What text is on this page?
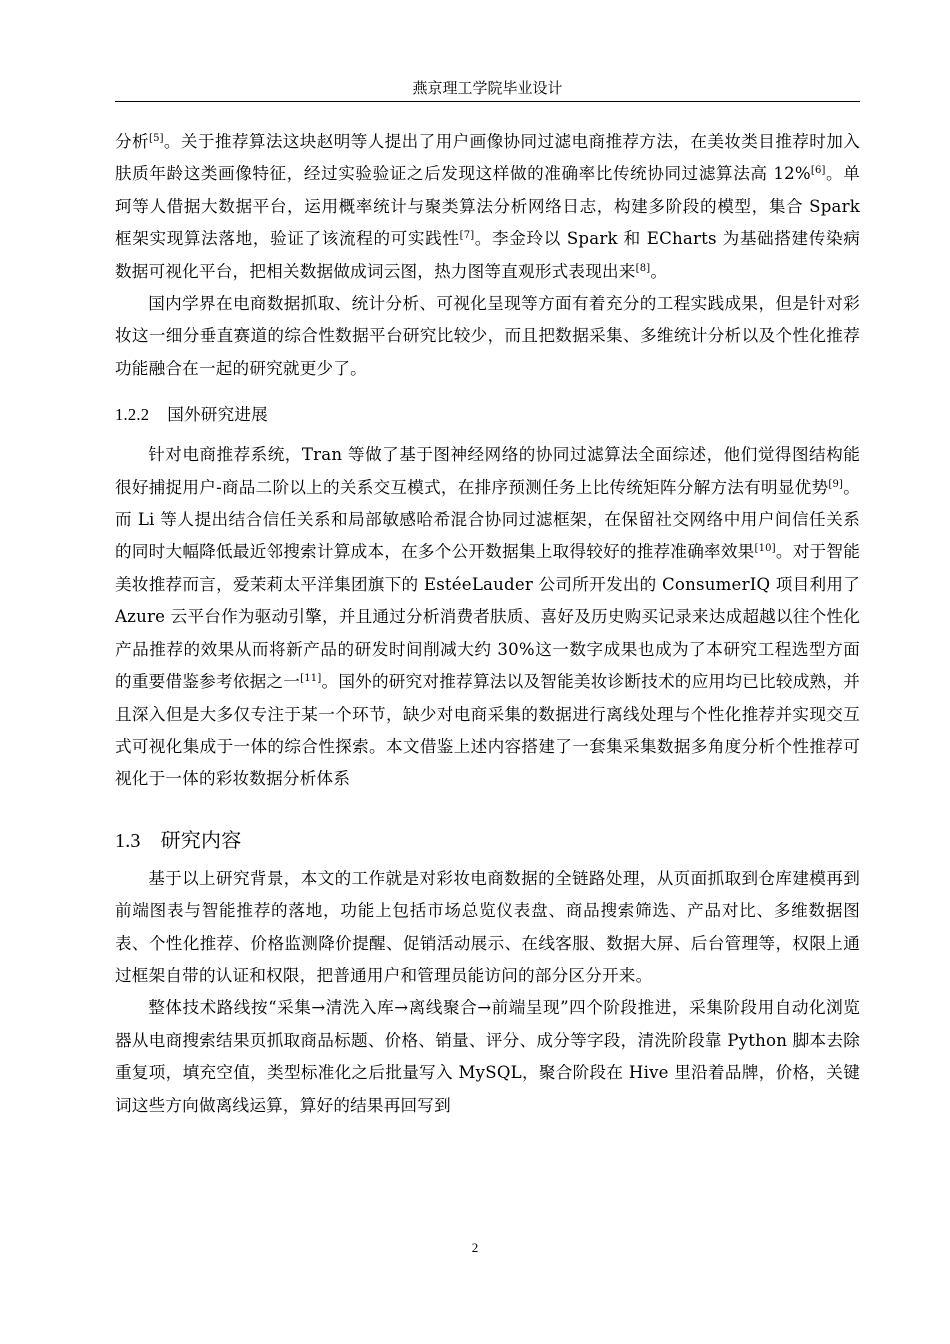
燕京理工学院毕业设计

分析[5]。关于推荐算法这块赵明等人提出了用户画像协同过滤电商推荐方法，在美妆类目推荐时加入肤质年龄这类画像特征，经过实验验证之后发现这样做的准确率比传统协同过滤算法高 12%[6]。单珂等人借据大数据平台，运用概率统计与聚类算法分析网络日志，构建多阶段的模型，集合 Spark 框架实现算法落地，验证了该流程的可实践性[7]。李金玲以 Spark 和 ECharts 为基础搭建传染病数据可视化平台，把相关数据做成词云图，热力图等直观形式表现出来[8]。

国内学界在电商数据抓取、统计分析、可视化呈现等方面有着充分的工程实践成果，但是针对彩妆这一细分垂直赛道的综合性数据平台研究比较少，而且把数据采集、多维统计分析以及个性化推荐功能融合在一起的研究就更少了。

1.2.2 国外研究进展

针对电商推荐系统，Tran 等做了基于图神经网络的协同过滤算法全面综述，他们觉得图结构能很好捕捉用户-商品二阶以上的关系交互模式，在排序预测任务上比传统矩阵分解方法有明显优势[9]。而 Li 等人提出结合信任关系和局部敏感哈希混合协同过滤框架，在保留社交网络中用户间信任关系的同时大幅降低最近邻搜索计算成本，在多个公开数据集上取得较好的推荐准确率效果[10]。对于智能美妆推荐而言，爱茉莉太平洋集团旗下的 EstéeLauder 公司所开发出的 ConsumerIQ 项目利用了 Azure 云平台作为驱动引擎，并且通过分析消费者肤质、喜好及历史购买记录来达成超越以往个性化产品推荐的效果从而将新产品的研发时间削减大约 30%这一数字成果也成为了本研究工程选型方面的重要借鉴参考依据之一[11]。国外的研究对推荐算法以及智能美妆诊断技术的应用均已比较成熟，并且深入但是大多仅专注于某一个环节，缺少对电商采集的数据进行离线处理与个性化推荐并实现交互式可视化集成于一体的综合性探索。本文借鉴上述内容搭建了一套集采集数据多角度分析个性推荐可视化于一体的彩妆数据分析体系

1.3 研究内容

基于以上研究背景，本文的工作就是对彩妆电商数据的全链路处理，从页面抓取到仓库建模再到前端图表与智能推荐的落地，功能上包括市场总览仪表盘、商品搜索筛选、产品对比、多维数据图表、个性化推荐、价格监测降价提醒、促销活动展示、在线客服、数据大屏、后台管理等，权限上通过框架自带的认证和权限，把普通用户和管理员能访问的部分区分开来。

整体技术路线按“采集→清洗入库→离线聚合→前端呈现”四个阶段推进，采集阶段用自动化浏览器从电商搜索结果页抓取商品标题、价格、销量、评分、成分等字段，清洗阶段靠 Python 脚本去除重复项，填充空值，类型标准化之后批量写入 MySQL，聚合阶段在 Hive 里沿着品牌，价格，关键词这些方向做离线运算，算好的结果再回写到

2
